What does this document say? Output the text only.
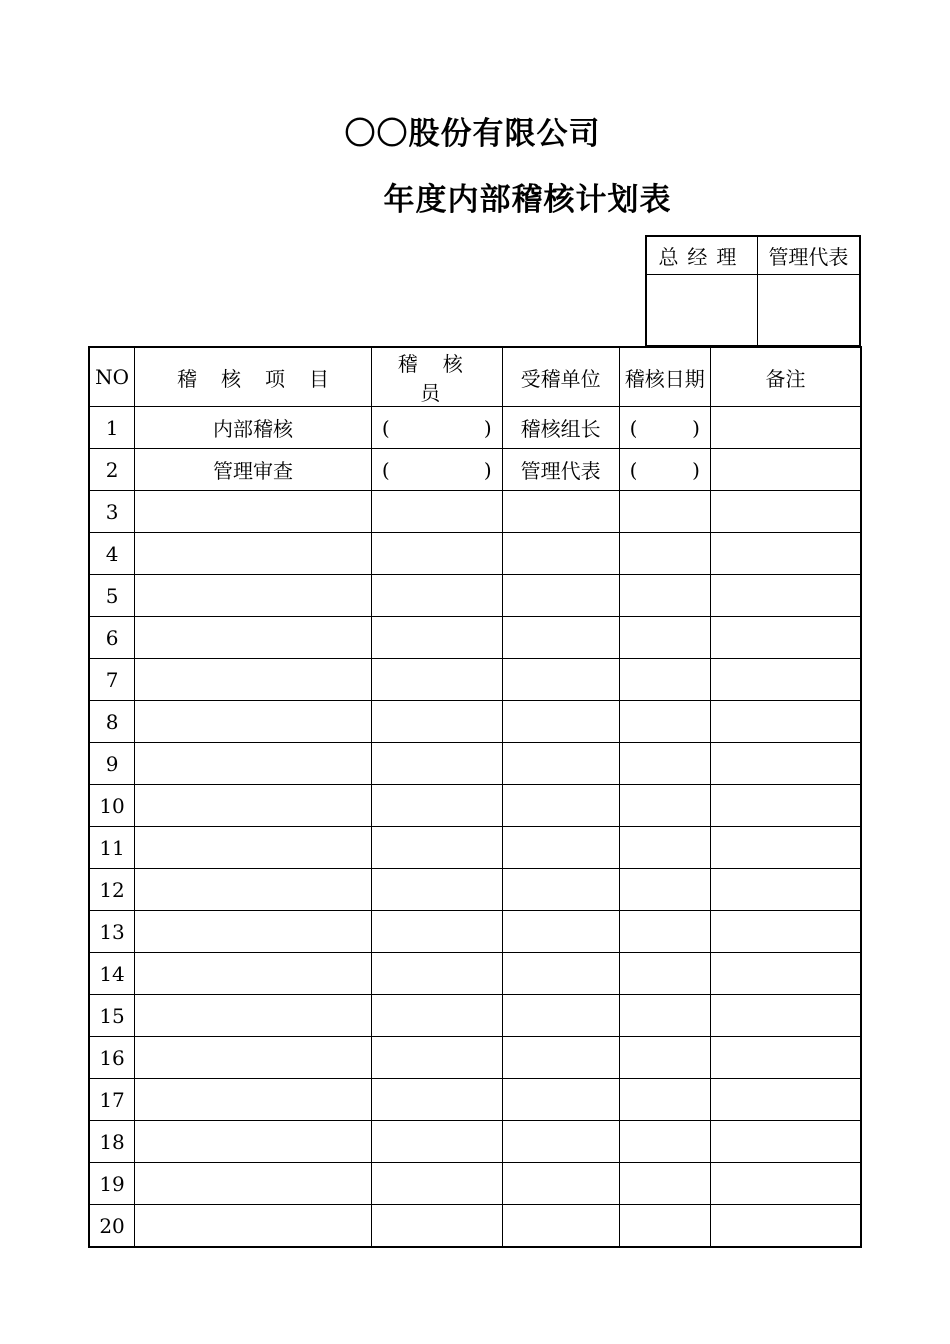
〇〇股份有限公司
年度内部稽核计划表
总经理	管理代表

NO	稽核项目	稽核员	受稽单位	稽核日期	备注
1	内部稽核	( )	稽核组长	( )	

2	管理审查	( )	管理代表	( )	

3					
4					
5					
6					
7					
8					
9					
10					
11					
12					
13					
14					
15					
16					
17					
18					
19					
20					
